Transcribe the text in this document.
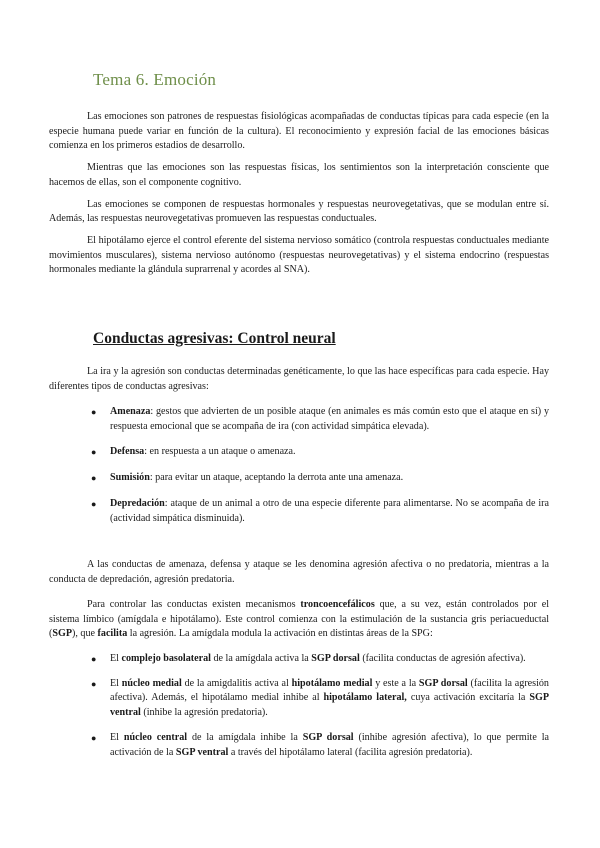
Tema 6. Emoción

Las emociones son patrones de respuestas fisiológicas acompañadas de conductas típicas para cada especie (en la especie humana puede variar en función de la cultura). El reconocimiento y expresión facial de las emociones básicas comienza en los primeros estadios de desarrollo.

Mientras que las emociones son las respuestas físicas, los sentimientos son la interpretación consciente que hacemos de ellas, son el componente cognitivo.

Las emociones se componen de respuestas hormonales y respuestas neurovegetativas, que se modulan entre sí. Además, las respuestas neurovegetativas promueven las respuestas conductuales.

El hipotálamo ejerce el control eferente del sistema nervioso somático (controla respuestas conductuales mediante movimientos musculares), sistema nervioso autónomo (respuestas neurovegetativas) y el sistema endocrino (respuestas hormonales mediante la glándula suprarrenal y acordes al SNA).

Conductas agresivas: Control neural

La ira y la agresión son conductas determinadas genéticamente, lo que las hace específicas para cada especie. Hay diferentes tipos de conductas agresivas:

●	Amenaza: gestos que advierten de un posible ataque (en animales es más común esto que el ataque en sí) y respuesta emocional que se acompaña de ira (con actividad simpática elevada).
●	Defensa: en respuesta a un ataque o amenaza.
●	Sumisión: para evitar un ataque, aceptando la derrota ante una amenaza.
●	Depredación: ataque de un animal a otro de una especie diferente para alimentarse. No se acompaña de ira (actividad simpática disminuida).

A las conductas de amenaza, defensa y ataque se les denomina agresión afectiva o no predatoria, mientras a la conducta de depredación, agresión predatoria.

Para controlar las conductas existen mecanismos troncoencefálicos que, a su vez, están controlados por el sistema límbico (amígdala e hipotálamo). Este control comienza con la estimulación de la sustancia gris periacueductal (SGP), que facilita la agresión. La amígdala modula la activación en distintas áreas de la SPG:

●	El complejo basolateral de la amígdala activa la SGP dorsal (facilita conductas de agresión afectiva).
●	El núcleo medial de la amigdalitis activa al hipotálamo medial y este a la SGP dorsal (facilita la agresión afectiva). Además, el hipotálamo medial inhibe al hipotálamo lateral, cuya activación excitaría la SGP ventral (inhibe la agresión predatoria).
●	El núcleo central de la amígdala inhibe la SGP dorsal (inhibe agresión afectiva), lo que permite la activación de la SGP ventral a través del hipotálamo lateral (facilita agresión predatoria).
